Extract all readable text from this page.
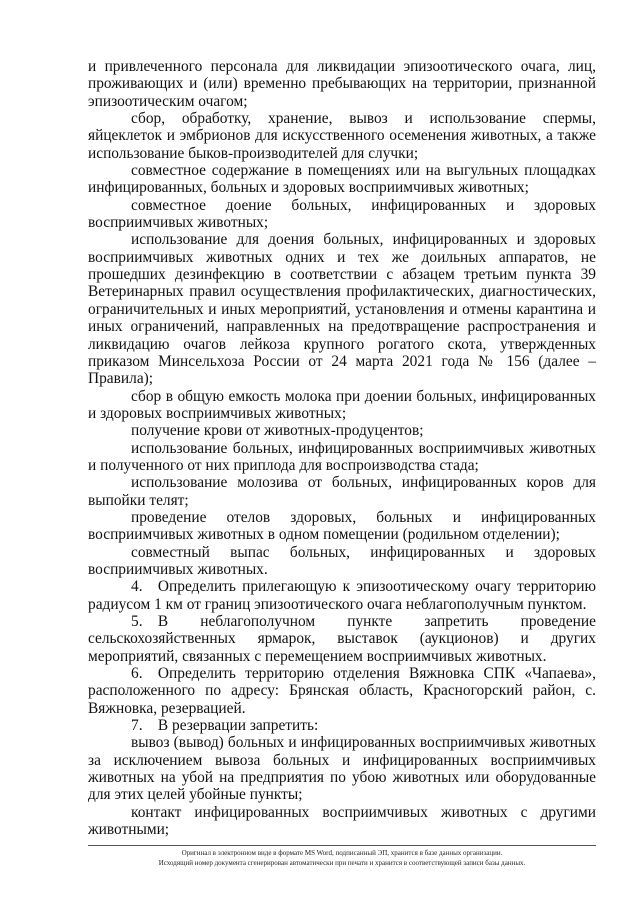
и привлеченного персонала для ликвидации эпизоотического очага, лиц, проживающих и (или) временно пребывающих на территории, признанной эпизоотическим очагом;

сбор, обработку, хранение, вывоз и использование спермы, яйцеклеток и эмбрионов для искусственного осеменения животных, а также использование быков-производителей для случки;

совместное содержание в помещениях или на выгульных площадках инфицированных, больных и здоровых восприимчивых животных;

совместное доение больных, инфицированных и здоровых восприимчивых животных;

использование для доения больных, инфицированных и здоровых восприимчивых животных одних и тех же доильных аппаратов, не прошедших дезинфекцию в соответствии с абзацем третьим пункта 39 Ветеринарных правил осуществления профилактических, диагностических, ограничительных и иных мероприятий, установления и отмены карантина и иных ограничений, направленных на предотвращение распространения и ликвидацию очагов лейкоза крупного рогатого скота, утвержденных приказом Минсельхоза России от 24 марта 2021 года № 156 (далее – Правила);

сбор в общую емкость молока при доении больных, инфицированных и здоровых восприимчивых животных;

получение крови от животных-продуцентов;

использование больных, инфицированных восприимчивых животных и полученного от них приплода для воспроизводства стада;

использование молозива от больных, инфицированных коров для выпойки телят;

проведение отелов здоровых, больных и инфицированных восприимчивых животных в одном помещении (родильном отделении);

совместный выпас больных, инфицированных и здоровых восприимчивых животных.

4. Определить прилегающую к эпизоотическому очагу территорию радиусом 1 км от границ эпизоотического очага неблагополучным пунктом.

5. В неблагополучном пункте запретить проведение сельскохозяйственных ярмарок, выставок (аукционов) и других мероприятий, связанных с перемещением восприимчивых животных.

6. Определить территорию отделения Вяжновка СПК «Чапаева», расположенного по адресу: Брянская область, Красногорский район, с. Вяжновка, резервацией.

7. В резервации запретить:

вывоз (вывод) больных и инфицированных восприимчивых животных за исключением вывоза больных и инфицированных восприимчивых животных на убой на предприятия по убою животных или оборудованные для этих целей убойные пункты;

контакт инфицированных восприимчивых животных с другими животными;

Оригинал в электронном виде в формате MS Word, подписанный ЭП, хранится в базе данных организации.
Исходящий номер документа сгенерирован автоматически при печати и хранится в соответствующей записи базы данных.
